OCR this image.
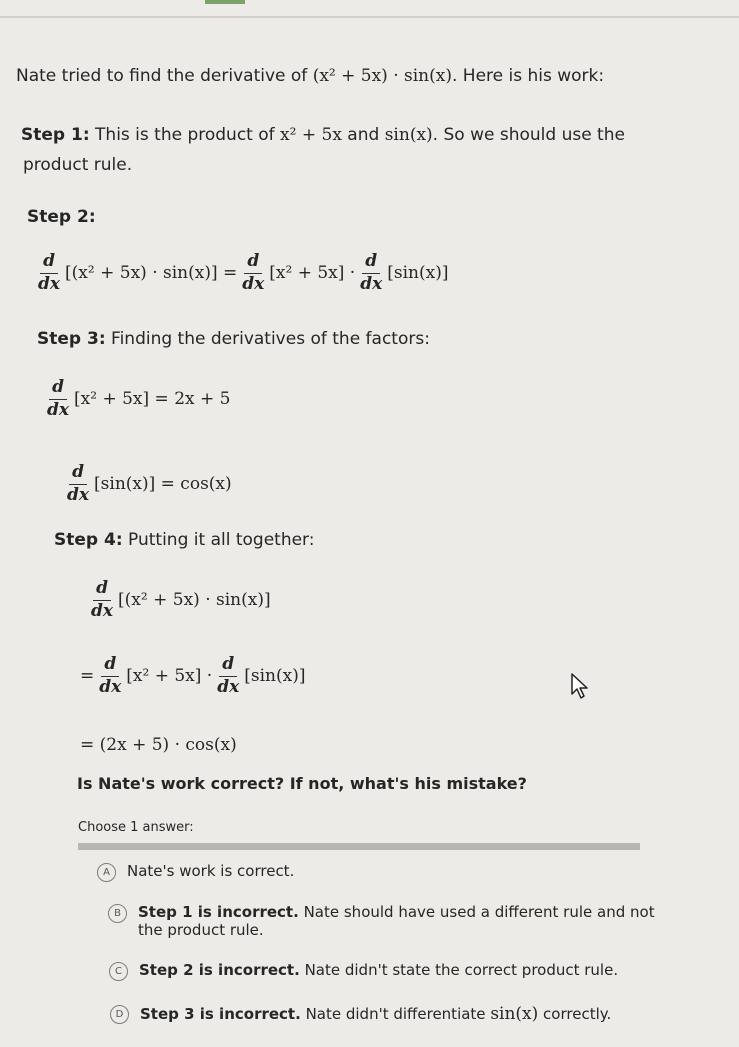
Nate tried to find the derivative of (x² + 5x) · sin(x). Here is his work:
Step 1: This is the product of x² + 5x and sin(x). So we should use the
product rule.
Step 2:
$\frac{d}{dx} [(x^2 + 5x) \cdot \sin(x)] = \frac{d}{dx} [x^2 + 5x] \cdot \frac{d}{dx} [\sin(x)]$
Step 3: Finding the derivatives of the factors:
$\frac{d}{dx} [x^2 + 5x] = 2x + 5$
$\frac{d}{dx} [\sin(x)] = \cos(x)$
Step 4: Putting it all together:
$\frac{d}{dx} [(x^2 + 5x) \cdot \sin(x)]$
= $\frac{d}{dx} [x^2 + 5x] \cdot \frac{d}{dx} [\sin(x)]$
= (2x + 5) · cos(x)
Is Nate's work correct? If not, what's his mistake?
Choose 1 answer:
A	Nate's work is correct.
B	Step 1 is incorrect. Nate should have used a different rule and not
the product rule.
C	Step 2 is incorrect. Nate didn't state the correct product rule.
D	Step 3 is incorrect. Nate didn't differentiate sin(x) correctly.
